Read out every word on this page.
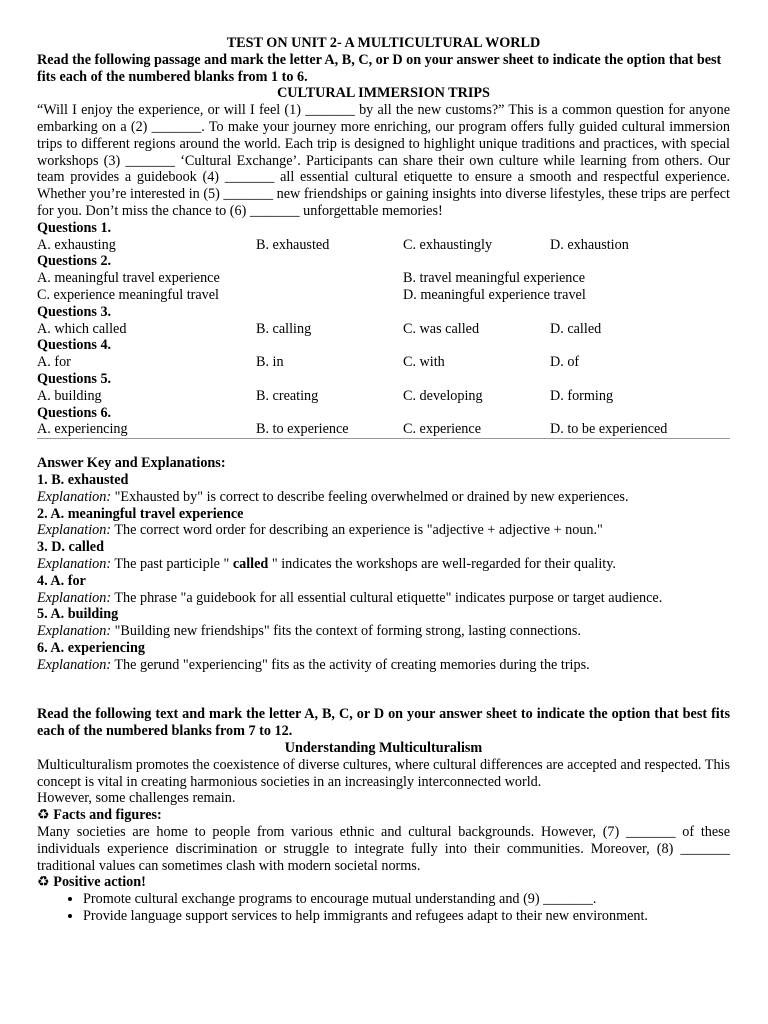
TEST ON UNIT 2- A MULTICULTURAL WORLD

Read the following passage and mark the letter A, B, C, or D on your answer sheet to indicate the option that best fits each of the numbered blanks from 1 to 6.

CULTURAL IMMERSION TRIPS

“Will I enjoy the experience, or will I feel (1) _______ by all the new customs?” This is a common question for anyone embarking on a (2) _______. To make your journey more enriching, our program offers fully guided cultural immersion trips to different regions around the world. Each trip is designed to highlight unique traditions and practices, with special workshops (3) _______ ‘Cultural Exchange’. Participants can share their own culture while learning from others. Our team provides a guidebook (4) _______ all essential cultural etiquette to ensure a smooth and respectful experience. Whether you’re interested in (5) _______ new friendships or gaining insights into diverse lifestyles, these trips are perfect for you. Don’t miss the chance to (6) _______ unforgettable memories!

Questions 1.

A. exhausting	B. exhausted	C. exhaustingly	D. exhaustion

Questions 2.

A. meaningful travel experience	B. travel meaningful experience
C. experience meaningful travel	D. meaningful experience travel

Questions 3.

A. which called	B. calling	C. was called	D. called

Questions 4.

A. for	B. in	C. with	D. of

Questions 5.

A. building	B. creating	C. developing	D. forming

Questions 6.

A. experiencing	B. to experience	C. experience	D. to be experienced

Answer Key and Explanations:

1. B. exhausted

Explanation: "Exhausted by" is correct to describe feeling overwhelmed or drained by new experiences.

2. A. meaningful travel experience

Explanation: The correct word order for describing an experience is "adjective + adjective + noun."

3. D. called

Explanation: The past participle " called " indicates the workshops are well-regarded for their quality.

4. A. for

Explanation: The phrase "a guidebook for all essential cultural etiquette" indicates purpose or target audience.

5. A. building

Explanation: "Building new friendships" fits the context of forming strong, lasting connections.

6. A. experiencing

Explanation: The gerund "experiencing" fits as the activity of creating memories during the trips.

Read the following text and mark the letter A, B, C, or D on your answer sheet to indicate the option that best fits each of the numbered blanks from 7 to 12.

Understanding Multiculturalism

Multiculturalism promotes the coexistence of diverse cultures, where cultural differences are accepted and respected. This concept is vital in creating harmonious societies in an increasingly interconnected world.

However, some challenges remain.

♻ Facts and figures:

Many societies are home to people from various ethnic and cultural backgrounds. However, (7) _______ of these individuals experience discrimination or struggle to integrate fully into their communities. Moreover, (8) _______ traditional values can sometimes clash with modern societal norms.

♻ Positive action!

• Promote cultural exchange programs to encourage mutual understanding and (9) _______.
• Provide language support services to help immigrants and refugees adapt to their new environment.
